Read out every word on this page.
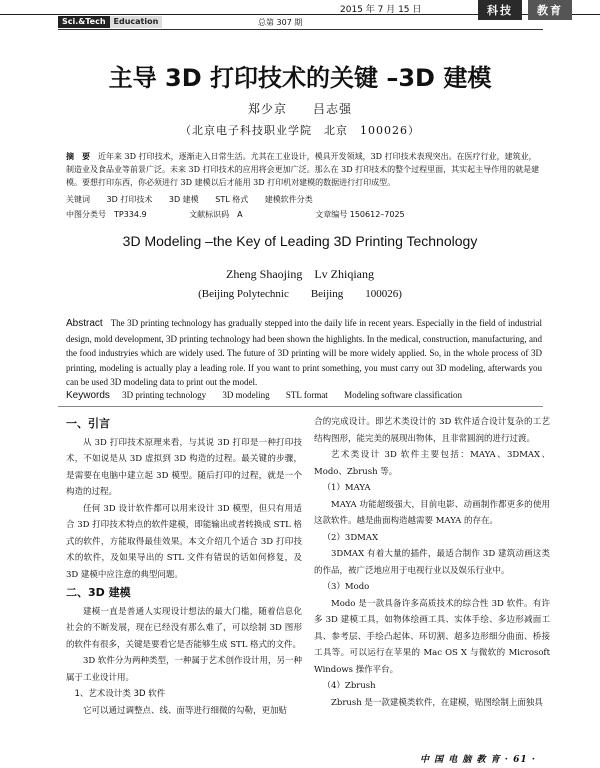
2015 年 7 月 15 日	科技	教育
Sci.&Tech	Education	总第 307 期
主导 3D 打印技术的关键 –3D 建模
郑少京　　吕志强
（北京电子科技职业学院　北京　100026）
摘　要 近年来 3D 打印技术，逐渐走入日常生活。尤其在工业设计，模具开发领域，3D 打印技术表现突出。在医疗行业，建筑业，制造业及食品业等前景广泛。未来 3D 打印技术的应用将会更加广泛。那么在 3D 打印技术的整个过程里面，其实起主导作用的就是建模。要想打印东西，你必须进行 3D 建模以后才能用 3D 打印机对建模的数据进行打印成型。
关键词 3D 打印技术 3D 建模 STL 格式 建模软件分类
中图分类号　TP334.9	文献标识码　A	文章编号 150612–7025
3D Modeling –the Key of Leading 3D Printing Technology
Zheng Shaojing　Lv Zhiqiang
(Beijing Polytechnic　　Beijing　　100026)
Abstract The 3D printing technology has gradually stepped into the daily life in recent years. Especially in the field of industrial design, mold development, 3D printing technology had been shown the highlights. In the medical, construction, manufacturing, and the food industryies which are widely used. The future of 3D printing will be more widely applied. So, in the whole process of 3D printing, modeling is actually play a leading role. If you want to print something, you must carry out 3D modeling, afterwards you can be used 3D modeling data to print out the model.
Keywords 3D printing technology 3D modeling STL format Modeling software classification

一、引言

从 3D 打印技术原理来看，与其说 3D 打印是一种打印技术，不如说是从 3D 虚拟到 3D 构造的过程。最关键的步骤，是需要在电脑中建立起 3D 模型。随后打印的过程，就是一个构造的过程。

任何 3D 设计软件都可以用来设计 3D 模型，但只有用适合 3D 打印技术特点的软件建模，即能输出或者转换成 STL 格式的软件，方能取得最佳效果。本文介绍几个适合 3D 打印技术的软件，及如果导出的 STL 文件有错误的话如何修复，及 3D 建模中应注意的典型问题。

二、3D 建模

建模一直是普通人实现设计想法的最大门槛，随着信息化社会的不断发展，现在已经没有那么难了，可以绘制 3D 图形的软件有很多，关键是要看它是否能够生成 STL 格式的文件。

3D 软件分为两种类型，一种属于艺术创作设计用，另一种属于工业设计用。

1、艺术设计类 3D 软件

它可以通过调整点、线、面等进行细微的勾勒，更加贴

合的完成设计。即艺术类设计的 3D 软件适合设计复杂的工艺结构图形，能完美的展现出物体，且非常圆润的进行过渡。

艺术类设计 3D 软件主要包括：MAYA、3DMAX、Modo、Zbrush 等。

（1）MAYA

MAYA 功能超级强大，目前电影、动画制作都更多的使用这款软件。越是曲面构造越需要 MAYA 的存在。

（2）3DMAX

3DMAX 有着大量的插件，最适合制作 3D 建筑动画这类的作品，被广泛地应用于电视行业以及娱乐行业中。

（3）Modo

Modo 是一款具备许多高质技术的综合性 3D 软件。有许多 3D 建模工具，如物体绘画工具、实体手绘、多边形减面工具、参考层、手绘凸起体、环切割、超多边形细分曲面、桥接工具等。可以运行在苹果的 Mac OS X 与微软的 Microsoft Windows 操作平台。

（4）Zbrush

Zbrush 是一款建模类软件，在建模，贴图绘制上面独具

中 国 电 脑 教 育 · 61 ·
